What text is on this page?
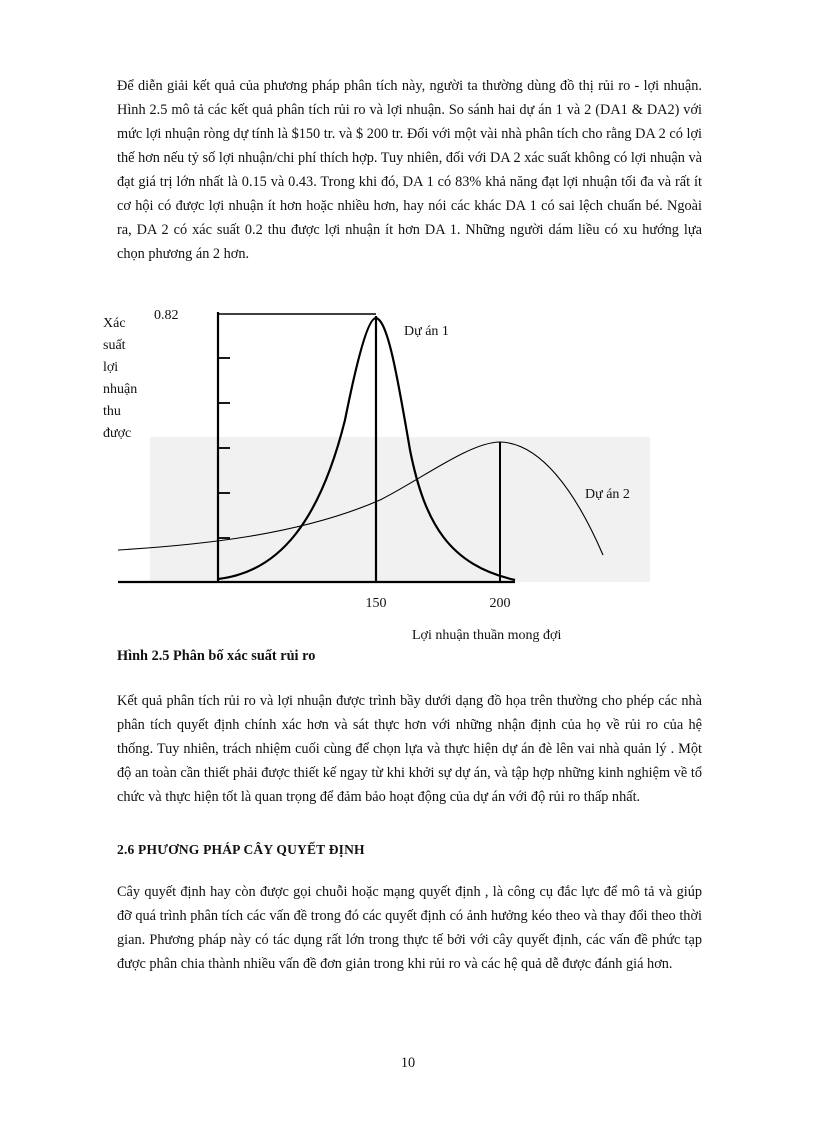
Để diễn giải kết quả của phương pháp phân tích này, người ta thường dùng đồ thị rủi ro - lợi nhuận. Hình 2.5 mô tả các kết quả phân tích rủi ro và lợi nhuận. So sánh hai dự án 1 và 2 (DA1 & DA2) với mức lợi nhuận ròng dự tính là $150 tr. và $ 200 tr. Đối với một vài nhà phân tích cho rằng DA 2 có lợi thế hơn nếu tỷ số lợi nhuận/chi phí thích hợp. Tuy nhiên, đối với DA 2 xác suất không có lợi nhuận và đạt giá trị lớn nhất là 0.15 và 0.43. Trong khi đó, DA 1 có 83% khả năng đạt lợi nhuận tối đa và rất ít cơ hội có được lợi nhuận ít hơn hoặc nhiều hơn, hay nói các khác DA 1 có sai lệch chuẩn bé. Ngoài ra, DA 2 có xác suất 0.2 thu được lợi nhuận ít hơn DA 1. Những người dám liều có xu hướng lựa chọn phương án 2 hơn.

Xác
suất
lợi
nhuận
thu
được
0.82
Dự án 1
Dự án 2
150	200
Lợi nhuận thuần mong đợi

Hình 2.5 Phân bố xác suất rủi ro

Kết quả phân tích rủi ro và lợi nhuận được trình bầy dưới dạng đồ họa trên thường cho phép các nhà phân tích quyết định chính xác hơn và sát thực hơn với những nhận định của họ về rủi ro của hệ thống. Tuy nhiên, trách nhiệm cuối cùng để chọn lựa và thực hiện dự án đè lên vai nhà quản lý . Một độ an toàn cần thiết phải được thiết kế ngay từ khi khởi sự dự án, và tập hợp những kinh nghiệm về tổ chức và thực hiện tốt là quan trọng để đảm bảo hoạt động của dự án với độ rủi ro thấp nhất.

2.6 PHƯƠNG PHÁP CÂY QUYẾT ĐỊNH

Cây quyết định hay còn được gọi chuỗi hoặc mạng quyết định , là công cụ đắc lực để mô tả và giúp đỡ quá trình phân tích các vấn đề trong đó các quyết định có ảnh hưởng kéo theo và thay đổi theo thời gian. Phương pháp này có tác dụng rất lớn trong thực tế bởi với cây quyết định, các vấn đề phức tạp được phân chia thành nhiều vấn đề đơn giản trong khi rủi ro và các hệ quả dễ được đánh giá hơn.

10
